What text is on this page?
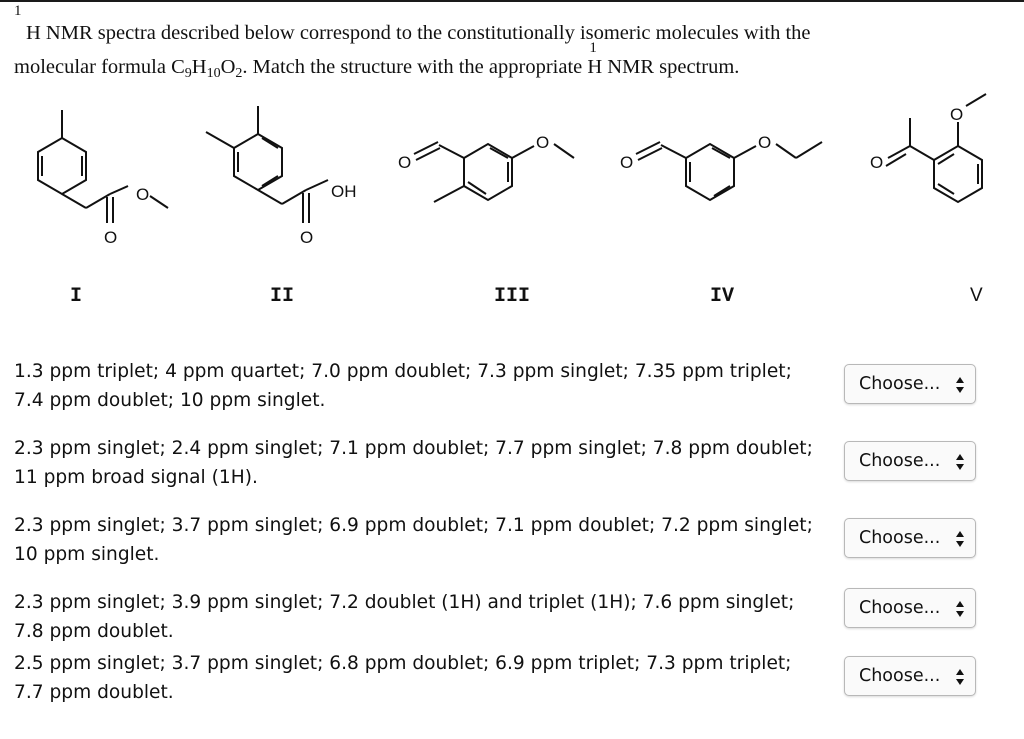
1
H NMR spectra described below correspond to the constitutionally isomeric molecules with the
molecular formula $C_9H_{10}O_2$. Match the structure with the appropriate
1
H NMR spectrum.
O
O
OH
O
O
O
O
O
O
O
I	II	III	IV	V
1.3 ppm triplet; 4 ppm quartet; 7.0 ppm doublet; 7.3 ppm singlet; 7.35 ppm triplet; 7.4 ppm doublet; 10 ppm singlet.
Choose...
2.3 ppm singlet; 2.4 ppm singlet; 7.1 ppm doublet; 7.7 ppm singlet; 7.8 ppm doublet; 11 ppm broad signal (1H).
Choose...
2.3 ppm singlet; 3.7 ppm singlet; 6.9 ppm doublet; 7.1 ppm doublet; 7.2 ppm singlet; 10 ppm singlet.
Choose...
2.3 ppm singlet; 3.9 ppm singlet; 7.2 doublet (1H) and triplet (1H); 7.6 ppm singlet; 7.8 ppm doublet.
Choose...
2.5 ppm singlet; 3.7 ppm singlet; 6.8 ppm doublet; 6.9 ppm triplet; 7.3 ppm triplet; 7.7 ppm doublet.
Choose...
